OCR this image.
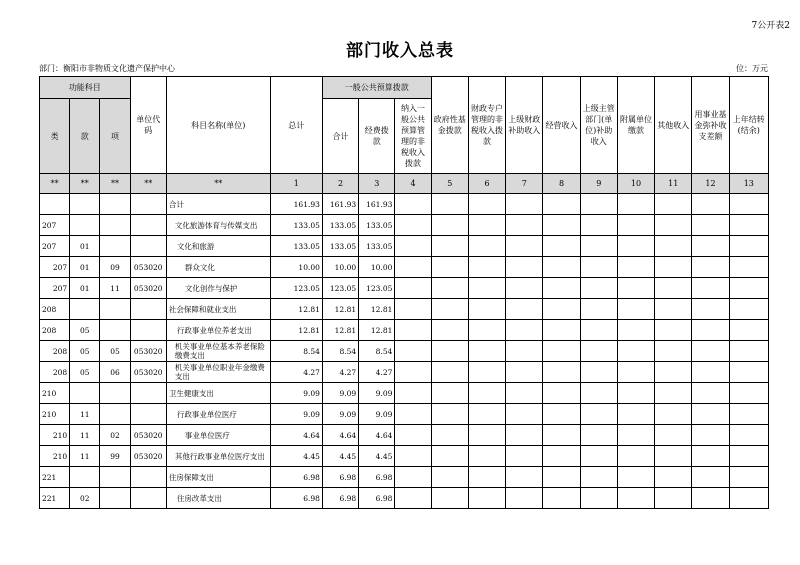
7公开表2
部门收入总表
部门：衡阳市非物质文化遗产保护中心	位：万元
功能科目			单位代码	科目名称(单位)	总计	一般公共预算拨款			政府性基金拨款	财政专户管理的非税收入拨款	上级财政补助收入	经营收入	上级主管部门(单位)补助收入	附属单位缴款	其他收入	用事业基金弥补收支差额	上年结转(结余)
类	款	项				合计	经费拨款	纳入一般公共预算管理的非税收入拨款									
**	**	**	**	**	1	2	3	4	5	6	7	8	9	10	11	12	13
				合计	161.93	161.93	161.93										
207				文化旅游体育与传媒支出	133.05	133.05	133.05										
207	01			文化和旅游	133.05	133.05	133.05										
207	01	09	053020	群众文化	10.00	10.00	10.00										
207	01	11	053020	文化创作与保护	123.05	123.05	123.05										
208				社会保障和就业支出	12.81	12.81	12.81										
208	05			行政事业单位养老支出	12.81	12.81	12.81										
208	05	05	053020	机关事业单位基本养老保险缴费支出	8.54	8.54	8.54										
208	05	06	053020	机关事业单位职业年金缴费支出	4.27	4.27	4.27										
210				卫生健康支出	9.09	9.09	9.09										
210	11			行政事业单位医疗	9.09	9.09	9.09										
210	11	02	053020	事业单位医疗	4.64	4.64	4.64										
210	11	99	053020	其他行政事业单位医疗支出	4.45	4.45	4.45										
221				住房保障支出	6.98	6.98	6.98										
221	02			住房改革支出	6.98	6.98	6.98										
